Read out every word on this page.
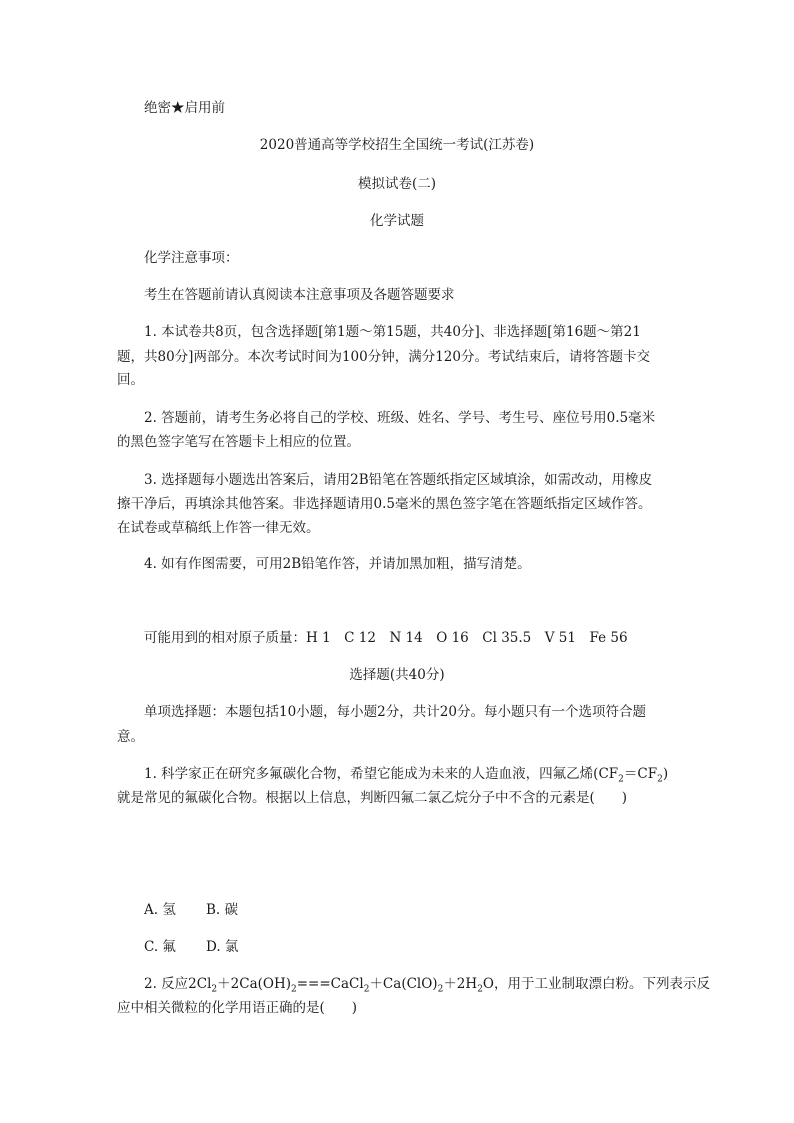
绝密★启用前
2020普通高等学校招生全国统一考试(江苏卷)
模拟试卷(二)
化学试题
化学注意事项：
考生在答题前请认真阅读本注意事项及各题答题要求
1. 本试卷共8页，包含选择题[第1题～第15题，共40分]、非选择题[第16题～第21
题，共80分]两部分。本次考试时间为100分钟，满分120分。考试结束后，请将答题卡交
回。
2. 答题前，请考生务必将自己的学校、班级、姓名、学号、考生号、座位号用0.5毫米
的黑色签字笔写在答题卡上相应的位置。
3. 选择题每小题选出答案后，请用2B铅笔在答题纸指定区域填涂，如需改动，用橡皮
擦干净后，再填涂其他答案。非选择题请用0.5毫米的黑色签字笔在答题纸指定区域作答。
在试卷或草稿纸上作答一律无效。
4. 如有作图需要，可用2B铅笔作答，并请加黑加粗，描写清楚。
可能用到的相对原子质量：H 1　C 12　N 14　O 16　Cl 35.5　V 51　Fe 56
选择题(共40分)
单项选择题：本题包括10小题，每小题2分，共计20分。每小题只有一个选项符合题
意。
1. 科学家正在研究多氟碳化合物，希望它能成为未来的人造血液，四氟乙烯$(CF_2=CF_2)$
就是常见的氟碳化合物。根据以上信息，判断四氟二氯乙烷分子中不含的元素是(　　)
A. 氢 B. 碳
C. 氟 D. 氯
2. 反应$2Cl_2+2Ca(OH)_2===CaCl_2+Ca(ClO)_2+2H_2O$，用于工业制取漂白粉。下列表示反
应中相关微粒的化学用语正确的是(　　)
